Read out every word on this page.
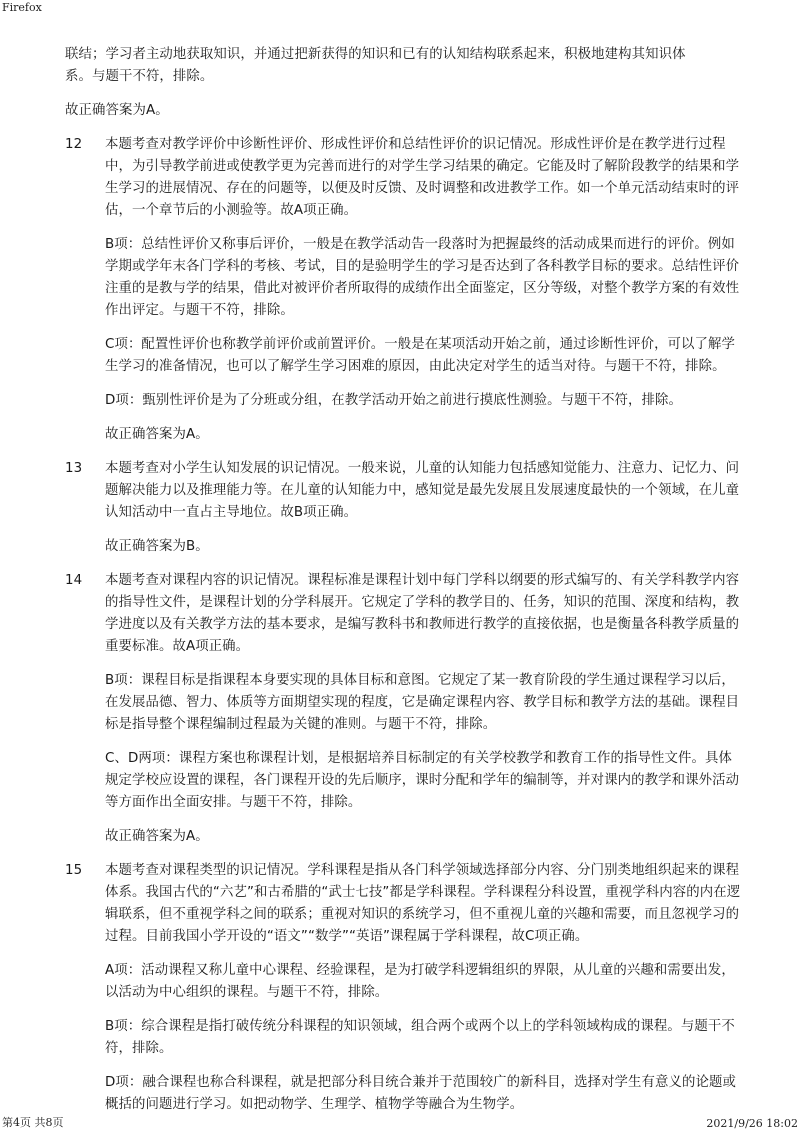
Firefox

联结；学习者主动地获取知识，并通过把新获得的知识和已有的认知结构联系起来，积极地建构其知识体系。与题干不符，排除。

故正确答案为A。

12 本题考查对教学评价中诊断性评价、形成性评价和总结性评价的识记情况。形成性评价是在教学进行过程中，为引导教学前进或使教学更为完善而进行的对学生学习结果的确定。它能及时了解阶段教学的结果和学生学习的进展情况、存在的问题等，以便及时反馈、及时调整和改进教学工作。如一个单元活动结束时的评估，一个章节后的小测验等。故A项正确。

B项：总结性评价又称事后评价，一般是在教学活动告一段落时为把握最终的活动成果而进行的评价。例如学期或学年末各门学科的考核、考试，目的是验明学生的学习是否达到了各科教学目标的要求。总结性评价注重的是教与学的结果，借此对被评价者所取得的成绩作出全面鉴定，区分等级，对整个教学方案的有效性作出评定。与题干不符，排除。

C项：配置性评价也称教学前评价或前置评价。一般是在某项活动开始之前，通过诊断性评价，可以了解学生学习的准备情况，也可以了解学生学习困难的原因，由此决定对学生的适当对待。与题干不符，排除。

D项：甄别性评价是为了分班或分组，在教学活动开始之前进行摸底性测验。与题干不符，排除。

故正确答案为A。

13 本题考查对小学生认知发展的识记情况。一般来说，儿童的认知能力包括感知觉能力、注意力、记忆力、问题解决能力以及推理能力等。在儿童的认知能力中，感知觉是最先发展且发展速度最快的一个领域，在儿童认知活动中一直占主导地位。故B项正确。

故正确答案为B。

14 本题考查对课程内容的识记情况。课程标准是课程计划中每门学科以纲要的形式编写的、有关学科教学内容的指导性文件，是课程计划的分学科展开。它规定了学科的教学目的、任务，知识的范围、深度和结构，教学进度以及有关教学方法的基本要求，是编写教科书和教师进行教学的直接依据，也是衡量各科教学质量的重要标准。故A项正确。

B项：课程目标是指课程本身要实现的具体目标和意图。它规定了某一教育阶段的学生通过课程学习以后，在发展品德、智力、体质等方面期望实现的程度，它是确定课程内容、教学目标和教学方法的基础。课程目标是指导整个课程编制过程最为关键的准则。与题干不符，排除。

C、D两项：课程方案也称课程计划，是根据培养目标制定的有关学校教学和教育工作的指导性文件。具体规定学校应设置的课程，各门课程开设的先后顺序，课时分配和学年的编制等，并对课内的教学和课外活动等方面作出全面安排。与题干不符，排除。

故正确答案为A。

15 本题考查对课程类型的识记情况。学科课程是指从各门科学领域选择部分内容、分门别类地组织起来的课程体系。我国古代的“六艺”和古希腊的“武士七技”都是学科课程。学科课程分科设置，重视学科内容的内在逻辑联系，但不重视学科之间的联系；重视对知识的系统学习，但不重视儿童的兴趣和需要，而且忽视学习的过程。目前我国小学开设的“语文”“数学”“英语”课程属于学科课程，故C项正确。

A项：活动课程又称儿童中心课程、经验课程，是为打破学科逻辑组织的界限，从儿童的兴趣和需要出发，以活动为中心组织的课程。与题干不符，排除。

B项：综合课程是指打破传统分科课程的知识领域，组合两个或两个以上的学科领域构成的课程。与题干不符，排除。

D项：融合课程也称合科课程，就是把部分科目统合兼并于范围较广的新科目，选择对学生有意义的论题或概括的问题进行学习。如把动物学、生理学、植物学等融合为生物学。

第4页 共8页	2021/9/26 18:02
